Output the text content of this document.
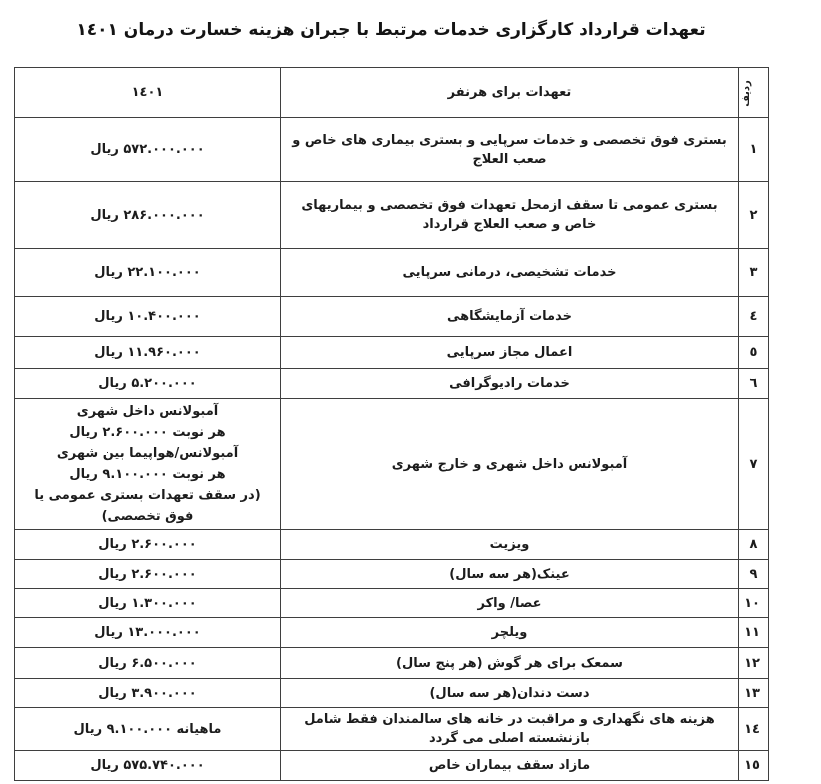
تعهدات قرارداد کارگزاری خدمات مرتبط با جبران هزینه خسارت درمان ١٤٠١
ردیف	تعهدات برای هرنفر	١٤٠١
١	بستری فوق تخصصی و خدمات سرپایی و بستری بیماری های خاص و صعب العلاج	۵۷۲.۰۰۰.۰۰۰ ریال
٢	بستری عمومی تا سقف ازمحل تعهدات فوق تخصصی و بیماریهای خاص و صعب العلاج قرارداد	۲۸۶.۰۰۰.۰۰۰ ریال
٣	خدمات تشخیصی، درمانی سرپایی	۲۲.۱۰۰.۰۰۰ ریال
٤	خدمات آزمایشگاهی	۱۰.۴۰۰.۰۰۰ ریال
٥	اعمال مجاز سرپایی	۱۱.۹۶۰.۰۰۰ ریال
٦	خدمات رادیوگرافی	۵.۲۰۰.۰۰۰ ریال
٧	آمبولانس داخل شهری و خارج شهری	آمبولانس داخل شهری
هر نوبت ۲.۶۰۰.۰۰۰ ریال
آمبولانس/هواپیما بین شهری
هر نوبت ۹.۱۰۰.۰۰۰ ریال
(در سقف تعهدات بستری عمومی یا فوق تخصصی)

٨	ویزیت	۲.۶۰۰.۰۰۰ ریال
٩	عینک(هر سه سال)	۲.۶۰۰.۰۰۰ ریال
١٠	عصا/ واکر	۱.۳۰۰.۰۰۰ ریال
١١	ویلچر	۱۳.۰۰۰.۰۰۰ ریال
١٢	سمعک برای هر گوش (هر پنج سال)	۶.۵۰۰.۰۰۰ ریال
١٣	دست دندان(هر سه سال)	۳.۹۰۰.۰۰۰ ریال
١٤	هزینه های نگهداری و مراقبت در خانه های سالمندان فقط شامل بازنشسته اصلی می گردد	ماهیانه ۹.۱۰۰.۰۰۰ ریال
١٥	مازاد سقف بیماران خاص	۵۷۵.۷۴۰.۰۰۰ ریال
